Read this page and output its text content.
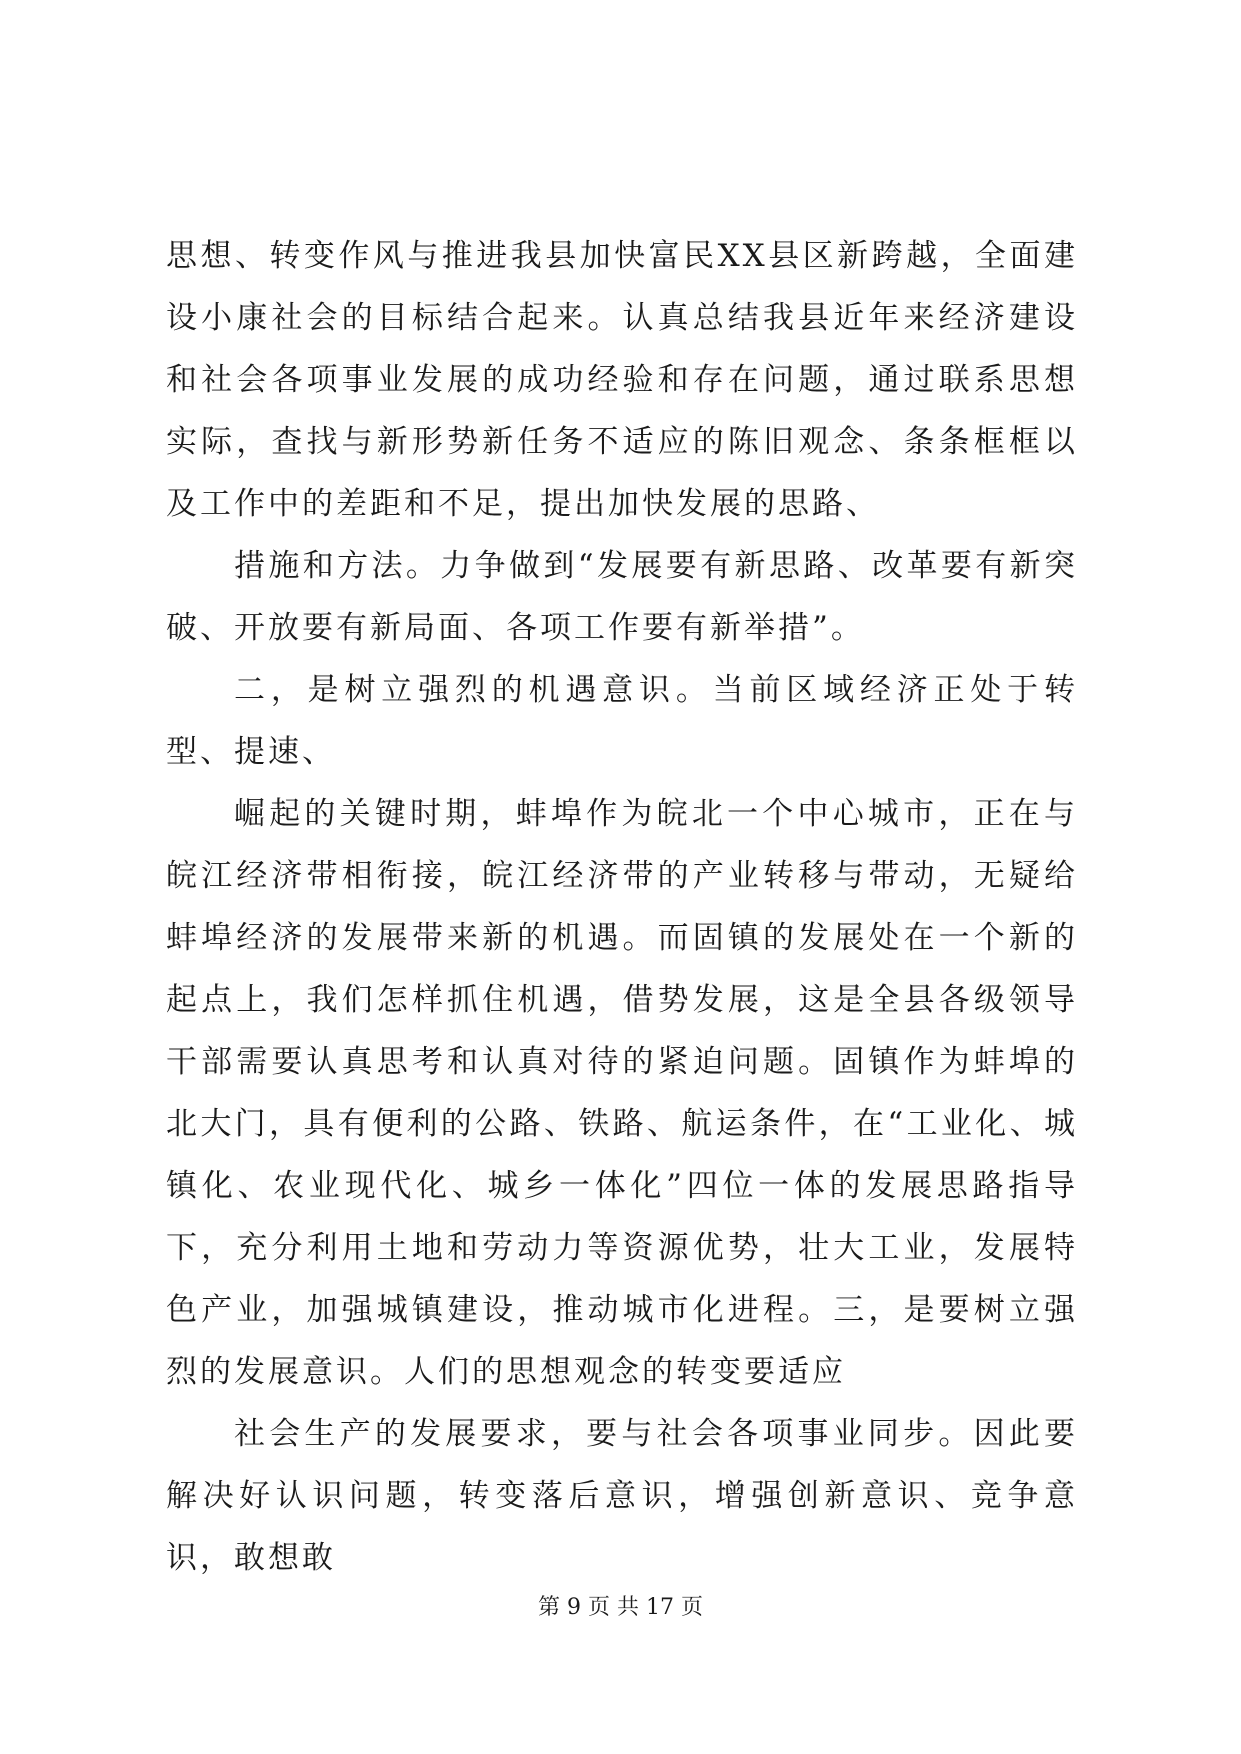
思想、转变作风与推进我县加快富民XX县区新跨越，全面建设小康社会的目标结合起来。认真总结我县近年来经济建设和社会各项事业发展的成功经验和存在问题，通过联系思想实际，查找与新形势新任务不适应的陈旧观念、条条框框以及工作中的差距和不足，提出加快发展的思路、

措施和方法。力争做到“发展要有新思路、改革要有新突破、开放要有新局面、各项工作要有新举措”。

二，是树立强烈的机遇意识。当前区域经济正处于转型、提速、

崛起的关键时期，蚌埠作为皖北一个中心城市，正在与皖江经济带相衔接，皖江经济带的产业转移与带动，无疑给蚌埠经济的发展带来新的机遇。而固镇的发展处在一个新的起点上，我们怎样抓住机遇，借势发展，这是全县各级领导干部需要认真思考和认真对待的紧迫问题。固镇作为蚌埠的北大门，具有便利的公路、铁路、航运条件，在“工业化、城镇化、农业现代化、城乡一体化”四位一体的发展思路指导下，充分利用土地和劳动力等资源优势，壮大工业，发展特色产业，加强城镇建设，推动城市化进程。三，是要树立强烈的发展意识。人们的思想观念的转变要适应

社会生产的发展要求，要与社会各项事业同步。因此要解决好认识问题，转变落后意识，增强创新意识、竞争意识，敢想敢

第 9 页 共 17 页
